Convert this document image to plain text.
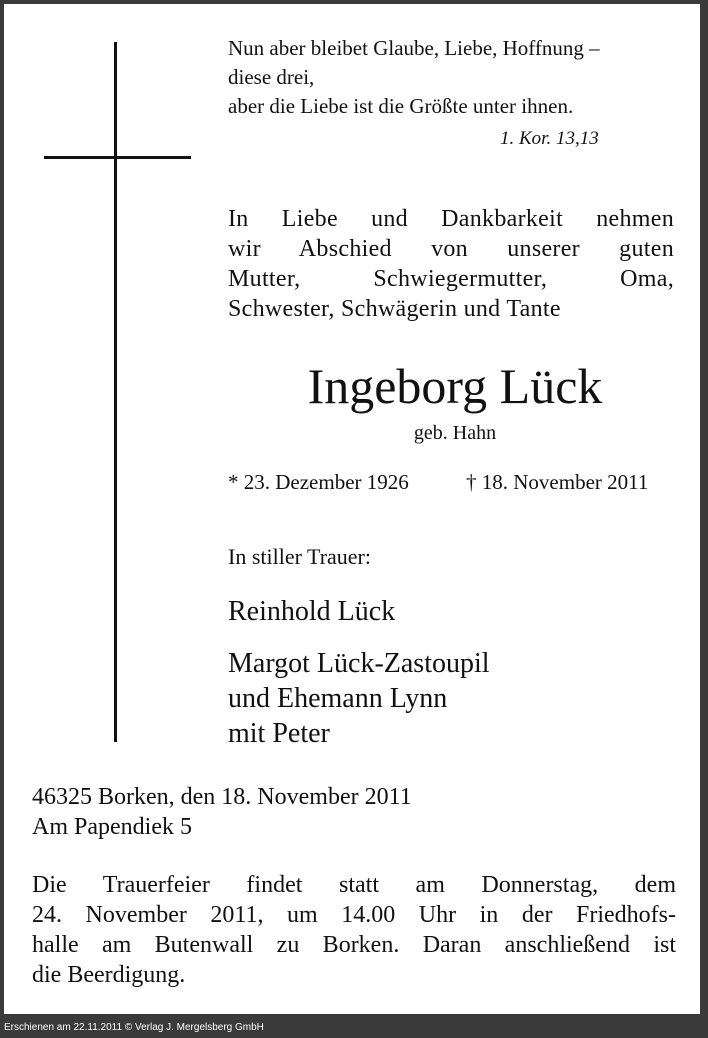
Nun aber bleibet Glaube, Liebe, Hoffnung –
diese drei,
aber die Liebe ist die Größte unter ihnen.
1. Kor. 13,13
In Liebe und Dankbarkeit nehmen
wir Abschied von unserer guten
Mutter, Schwiegermutter, Oma,
Schwester, Schwägerin und Tante
Ingeborg Lück
geb. Hahn
* 23. Dezember 1926	† 18. November 2011
In stiller Trauer:
Reinhold Lück
Margot Lück-Zastoupil
und Ehemann Lynn
mit Peter
46325 Borken, den 18. November 2011
Am Papendiek 5
Die Trauerfeier findet statt am Donnerstag, dem
24. November 2011, um 14.00 Uhr in der Friedhofs-
halle am Butenwall zu Borken. Daran anschließend ist
die Beerdigung.
Erschienen am 22.11.2011 © Verlag J. Mergelsberg GmbH
